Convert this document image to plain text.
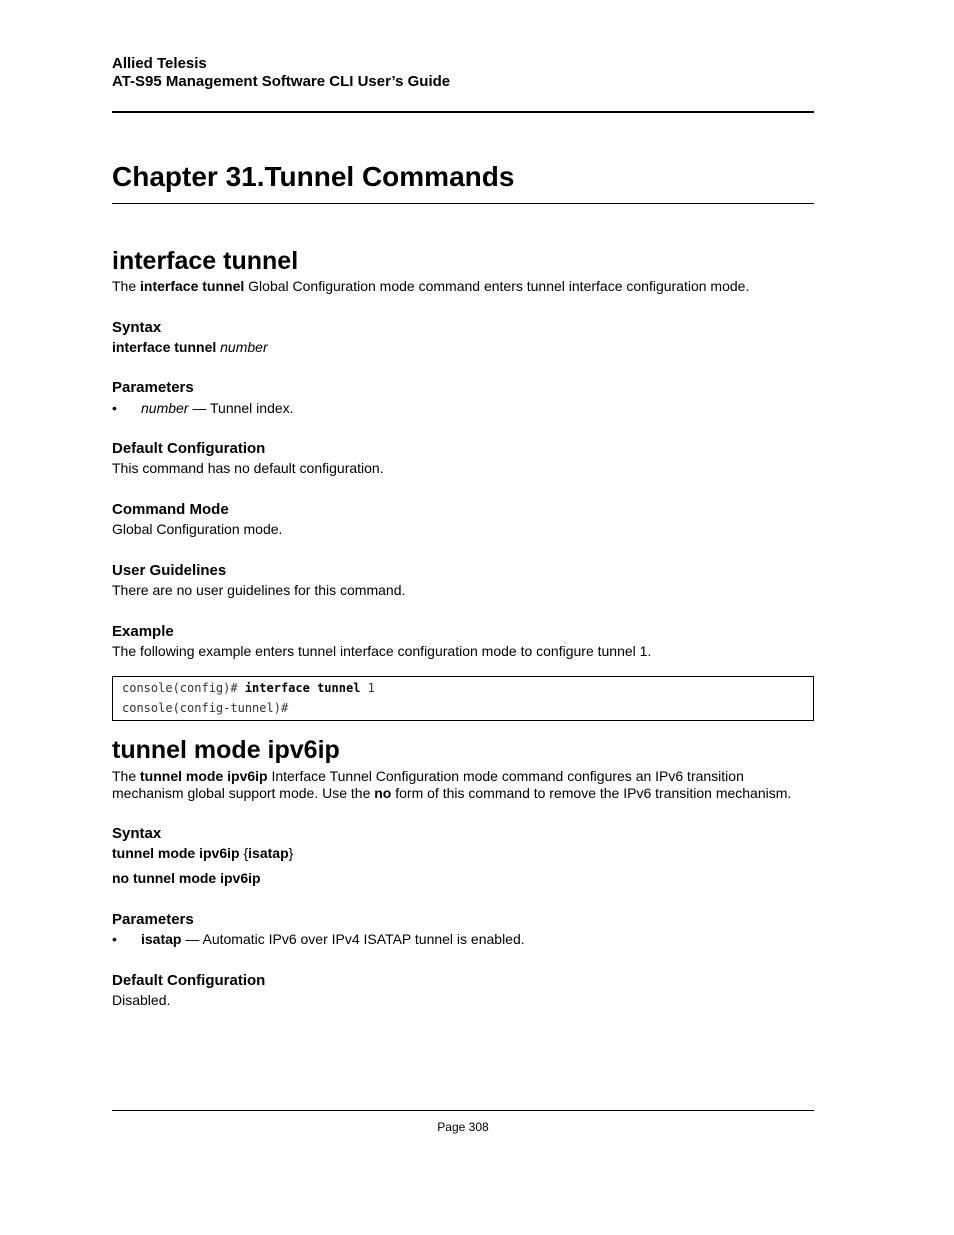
Allied Telesis
AT-S95 Management Software CLI User’s Guide
Chapter 31.Tunnel Commands
interface tunnel
The interface tunnel Global Configuration mode command enters tunnel interface configuration mode.
Syntax
interface tunnel number
Parameters
• number — Tunnel index.
Default Configuration
This command has no default configuration.
Command Mode
Global Configuration mode.
User Guidelines
There are no user guidelines for this command.
Example
The following example enters tunnel interface configuration mode to configure tunnel 1.
console(config)# interface tunnel 1
console(config-tunnel)#
tunnel mode ipv6ip
The tunnel mode ipv6ip Interface Tunnel Configuration mode command configures an IPv6 transition mechanism global support mode. Use the no form of this command to remove the IPv6 transition mechanism.
Syntax
tunnel mode ipv6ip {isatap}
no tunnel mode ipv6ip
Parameters
• isatap — Automatic IPv6 over IPv4 ISATAP tunnel is enabled.
Default Configuration
Disabled.
Page 308
